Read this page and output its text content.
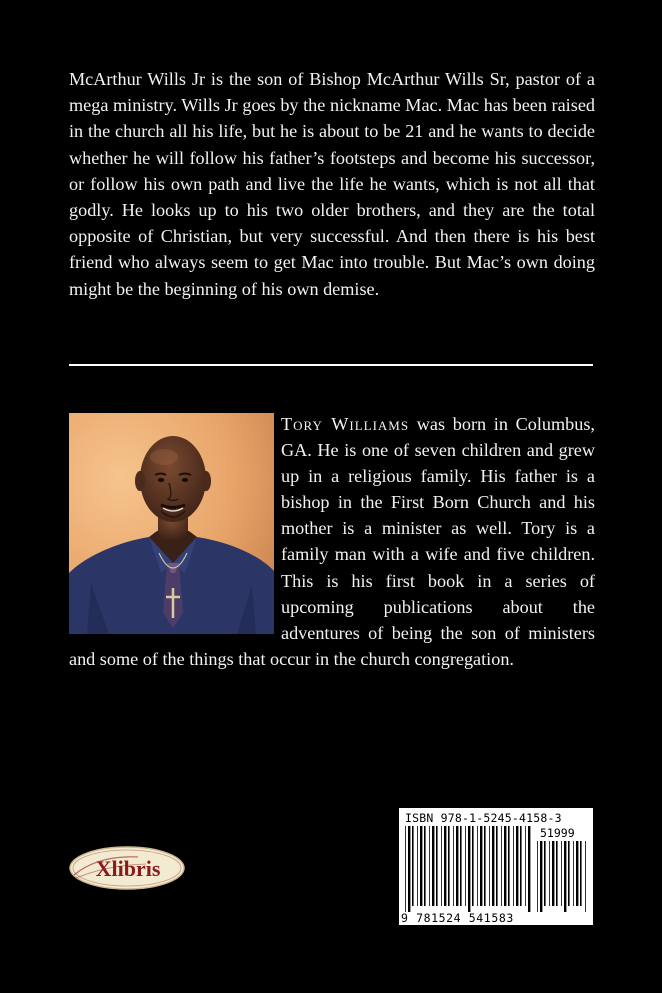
McArthur Wills Jr is the son of Bishop McArthur Wills Sr, pastor of a mega ministry. Wills Jr goes by the nickname Mac. Mac has been raised in the church all his life, but he is about to be 21 and he wants to decide whether he will follow his father’s footsteps and become his successor, or follow his own path and live the life he wants, which is not all that godly. He looks up to his two older brothers, and they are the total opposite of Christian, but very successful. And then there is his best friend who always seem to get Mac into trouble. But Mac’s own doing might be the beginning of his own demise.

Tory Williams was born in Columbus, GA. He is one of seven children and grew up in a religious family. His father is a bishop in the First Born Church and his mother is a minister as well. Tory is a family man with a wife and five children. This is his first book in a series of upcoming publications about the adventures of being the son of ministers and some of the things that occur in the church congregation.
Xlibris
ISBN 978-1-5245-4158-3
51999
9 781524 541583
